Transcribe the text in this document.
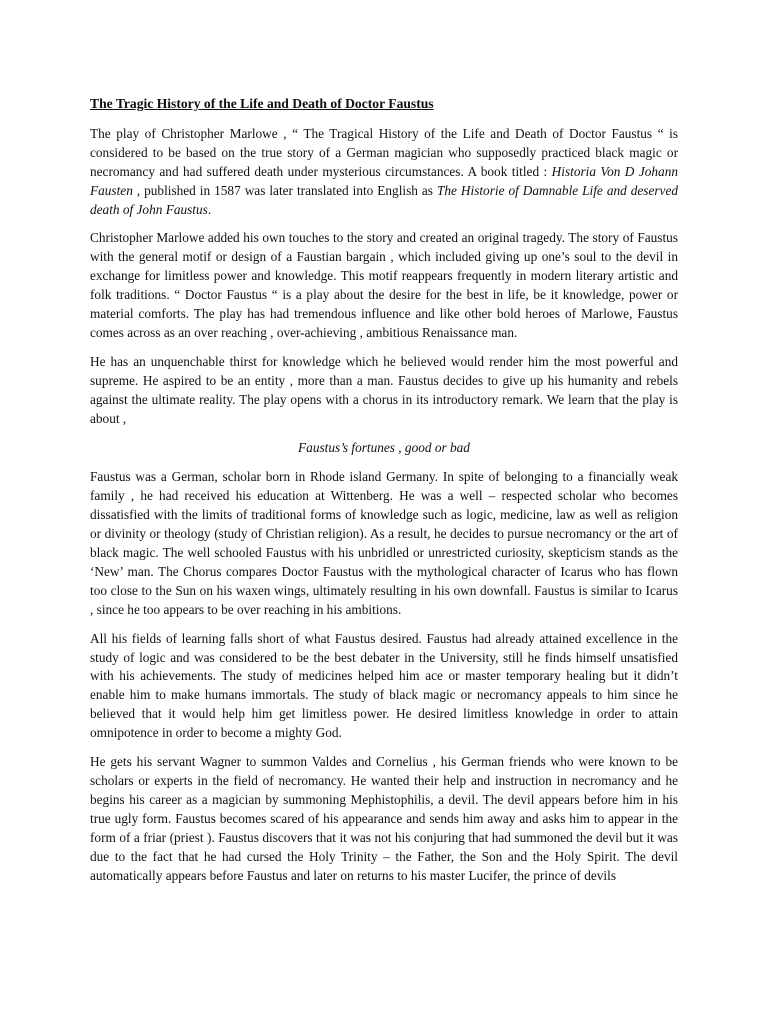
The Tragic History of the Life and Death of Doctor Faustus

The play of Christopher Marlowe , “ The Tragical History of the Life and Death of Doctor Faustus “ is considered to be based on the true story of a German magician who supposedly practiced black magic or necromancy and had suffered death under mysterious circumstances. A book titled : Historia Von D Johann Fausten , published in 1587 was later translated into English as The Historie of Damnable Life and deserved death of John Faustus.

Christopher Marlowe added his own touches to the story and created an original tragedy. The story of Faustus with the general motif or design of a Faustian bargain , which included giving up one’s soul to the devil in exchange for limitless power and knowledge. This motif reappears frequently in modern literary artistic and folk traditions. “ Doctor Faustus “ is a play about the desire for the best in life, be it knowledge, power or material comforts. The play has had tremendous influence and like other bold heroes of Marlowe, Faustus comes across as an over reaching , over-achieving , ambitious Renaissance man.

He has an unquenchable thirst for knowledge which he believed would render him the most powerful and supreme. He aspired to be an entity , more than a man. Faustus decides to give up his humanity and rebels against the ultimate reality. The play opens with a chorus in its introductory remark. We learn that the play is about ,

Faustus’s fortunes , good or bad

Faustus was a German, scholar born in Rhode island Germany. In spite of belonging to a financially weak family , he had received his education at Wittenberg. He was a well – respected scholar who becomes dissatisfied with the limits of traditional forms of knowledge such as logic, medicine, law as well as religion or divinity or theology (study of Christian religion). As a result, he decides to pursue necromancy or the art of black magic. The well schooled Faustus with his unbridled or unrestricted curiosity, skepticism stands as the ‘New’ man. The Chorus compares Doctor Faustus with the mythological character of Icarus who has flown too close to the Sun on his waxen wings, ultimately resulting in his own downfall. Faustus is similar to Icarus , since he too appears to be over reaching in his ambitions.

All his fields of learning falls short of what Faustus desired. Faustus had already attained excellence in the study of logic and was considered to be the best debater in the University, still he finds himself unsatisfied with his achievements. The study of medicines helped him ace or master temporary healing but it didn’t enable him to make humans immortals. The study of black magic or necromancy appeals to him since he believed that it would help him get limitless power. He desired limitless knowledge in order to attain omnipotence in order to become a mighty God.

He gets his servant Wagner to summon Valdes and Cornelius , his German friends who were known to be scholars or experts in the field of necromancy. He wanted their help and instruction in necromancy and he begins his career as a magician by summoning Mephistophilis, a devil. The devil appears before him in his true ugly form. Faustus becomes scared of his appearance and sends him away and asks him to appear in the form of a friar (priest ). Faustus discovers that it was not his conjuring that had summoned the devil but it was due to the fact that he had cursed the Holy Trinity – the Father, the Son and the Holy Spirit. The devil automatically appears before Faustus and later on returns to his master Lucifer, the prince of devils
